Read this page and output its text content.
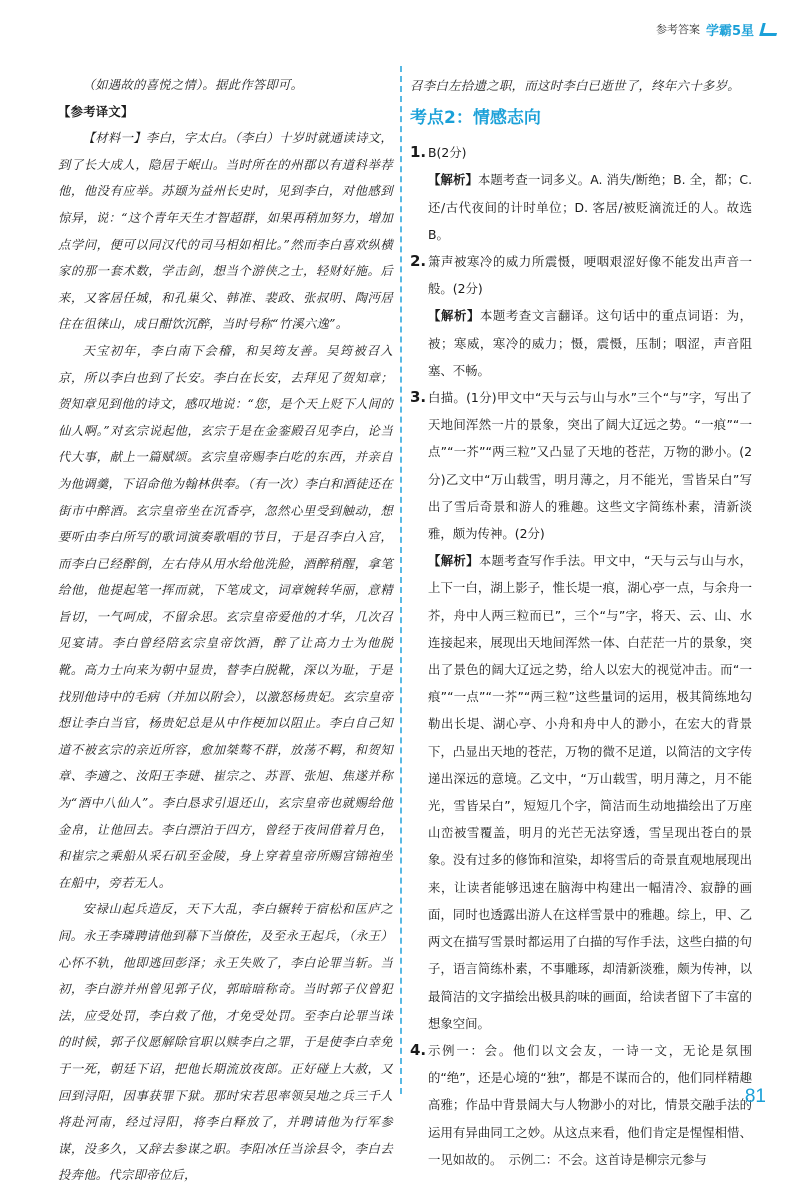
参考答案 学霸5星

（如遇故的喜悦之情）。据此作答即可。

【参考译文】

【材料一】李白，字太白。（李白）十岁时就通读诗文，到了长大成人，隐居于岷山。当时所在的州郡以有道科举荐他，他没有应举。苏颋为益州长史时，见到李白，对他感到惊异，说：“这个青年天生才智超群，如果再稍加努力，增加点学问，便可以同汉代的司马相如相比。”然而李白喜欢纵横家的那一套术数，学击剑，想当个游侠之士，轻财好施。后来，又客居任城，和孔巢父、韩准、裴政、张叔明、陶沔居住在徂徕山，成日酣饮沉醉，当时号称“竹溪六逸”。

天宝初年，李白南下会稽，和吴筠友善。吴筠被召入京，所以李白也到了长安。李白在长安，去拜见了贺知章；贺知章见到他的诗文，感叹地说：“您，是个天上贬下人间的仙人啊。”对玄宗说起他，玄宗于是在金銮殿召见李白，论当代大事，献上一篇赋颂。玄宗皇帝赐李白吃的东西，并亲自为他调羹，下诏命他为翰林供奉。（有一次）李白和酒徒还在街市中醉酒。玄宗皇帝坐在沉香亭，忽然心里受到触动，想要听由李白所写的歌词演奏歌唱的节目，于是召李白入宫，而李白已经醉倒，左右侍从用水给他洗脸，酒醉稍醒，拿笔给他，他提起笔一挥而就，下笔成文，词章婉转华丽，意精旨切，一气呵成，不留余思。玄宗皇帝爱他的才华，几次召见宴请。李白曾经陪玄宗皇帝饮酒，醉了让高力士为他脱靴。高力士向来为朝中显贵，替李白脱靴，深以为耻，于是找别他诗中的毛病（并加以附会），以激怒杨贵妃。玄宗皇帝想让李白当官，杨贵妃总是从中作梗加以阻止。李白自己知道不被玄宗的亲近所容，愈加桀骜不群，放荡不羁，和贺知章、李適之、汝阳王李琎、崔宗之、苏晋、张旭、焦遂并称为“酒中八仙人”。李白恳求引退还山，玄宗皇帝也就赐给他金帛，让他回去。李白漂泊于四方，曾经于夜间借着月色，和崔宗之乘船从采石矶至金陵，身上穿着皇帝所赐宫锦袍坐在船中，旁若无人。

安禄山起兵造反，天下大乱，李白辗转于宿松和匡庐之间。永王李璘聘请他到幕下当僚佐，及至永王起兵，（永王）心怀不轨，他即逃回彭泽；永王失败了，李白论罪当斩。当初，李白游并州曾见郭子仪，郭暗暗称奇。当时郭子仪曾犯法，应受处罚，李白救了他，才免受处罚。至李白论罪当诛的时候，郭子仪愿解除官职以赎李白之罪，于是使李白幸免于一死，朝廷下诏，把他长期流放夜郎。正好碰上大赦，又回到浔阳，因事获罪下狱。那时宋若思率领吴地之兵三千人将赴河南，经过浔阳，将李白释放了，并聘请他为行军参谋，没多久，又辞去参谋之职。李阳冰任当涂县令，李白去投奔他。代宗即帝位后，

召李白左拾遗之职，而这时李白已逝世了，终年六十多岁。

考点2：情感志向
1. B(2分)

【解析】本题考查一词多义。A. 消失/断绝；B. 全，都；C. 还/古代夜间的计时单位；D. 客居/被贬滴流迁的人。故选B。

2. 箫声被寒冷的威力所震慑，哽咽艰涩好像不能发出声音一般。(2分)

【解析】本题考查文言翻译。这句话中的重点词语：为，被；寒威，寒冷的威力；慑，震慑，压制；咽涩，声音阻塞、不畅。

3. 白描。(1分)甲文中“天与云与山与水”三个“与”字，写出了天地间浑然一片的景象，突出了阔大辽远之势。“一痕”“一点”“一芥”“两三粒”又凸显了天地的苍茫，万物的渺小。(2分)乙文中“万山载雪，明月薄之，月不能光，雪皆呆白”写出了雪后奇景和游人的雅趣。这些文字简练朴素，清新淡雅，颇为传神。(2分)

【解析】本题考查写作手法。甲文中，“天与云与山与水，上下一白，湖上影子，惟长堤一痕，湖心亭一点，与余舟一芥，舟中人两三粒而已”，三个“与”字，将天、云、山、水连接起来，展现出天地间浑然一体、白茫茫一片的景象，突出了景色的阔大辽远之势，给人以宏大的视觉冲击。而“一痕”“一点”“一芥”“两三粒”这些量词的运用，极其简练地勾勒出长堤、湖心亭、小舟和舟中人的渺小，在宏大的背景下，凸显出天地的苍茫，万物的微不足道，以简洁的文字传递出深远的意境。乙文中，“万山载雪，明月薄之，月不能光，雪皆呆白”，短短几个字，简洁而生动地描绘出了万座山峦被雪覆盖，明月的光芒无法穿透，雪呈现出苍白的景象。没有过多的修饰和渲染，却将雪后的奇景直观地展现出来，让读者能够迅速在脑海中构建出一幅清冷、寂静的画面，同时也透露出游人在这样雪景中的雅趣。综上，甲、乙两文在描写雪景时都运用了白描的写作手法，这些白描的句子，语言简练朴素，不事雕琢，却清新淡雅，颇为传神，以最简洁的文字描绘出极具韵味的画面，给读者留下了丰富的想象空间。

4. 示例一：会。他们以文会友，一诗一文，无论是氛围的“绝”，还是心境的“独”，都是不谋而合的，他们同样精趣高雅；作品中背景阔大与人物渺小的对比，情景交融手法的运用有异曲同工之妙。从这点来看，他们肯定是惺惺相惜、一见如故的。　示例二：不会。这首诗是柳宗元参与

81
